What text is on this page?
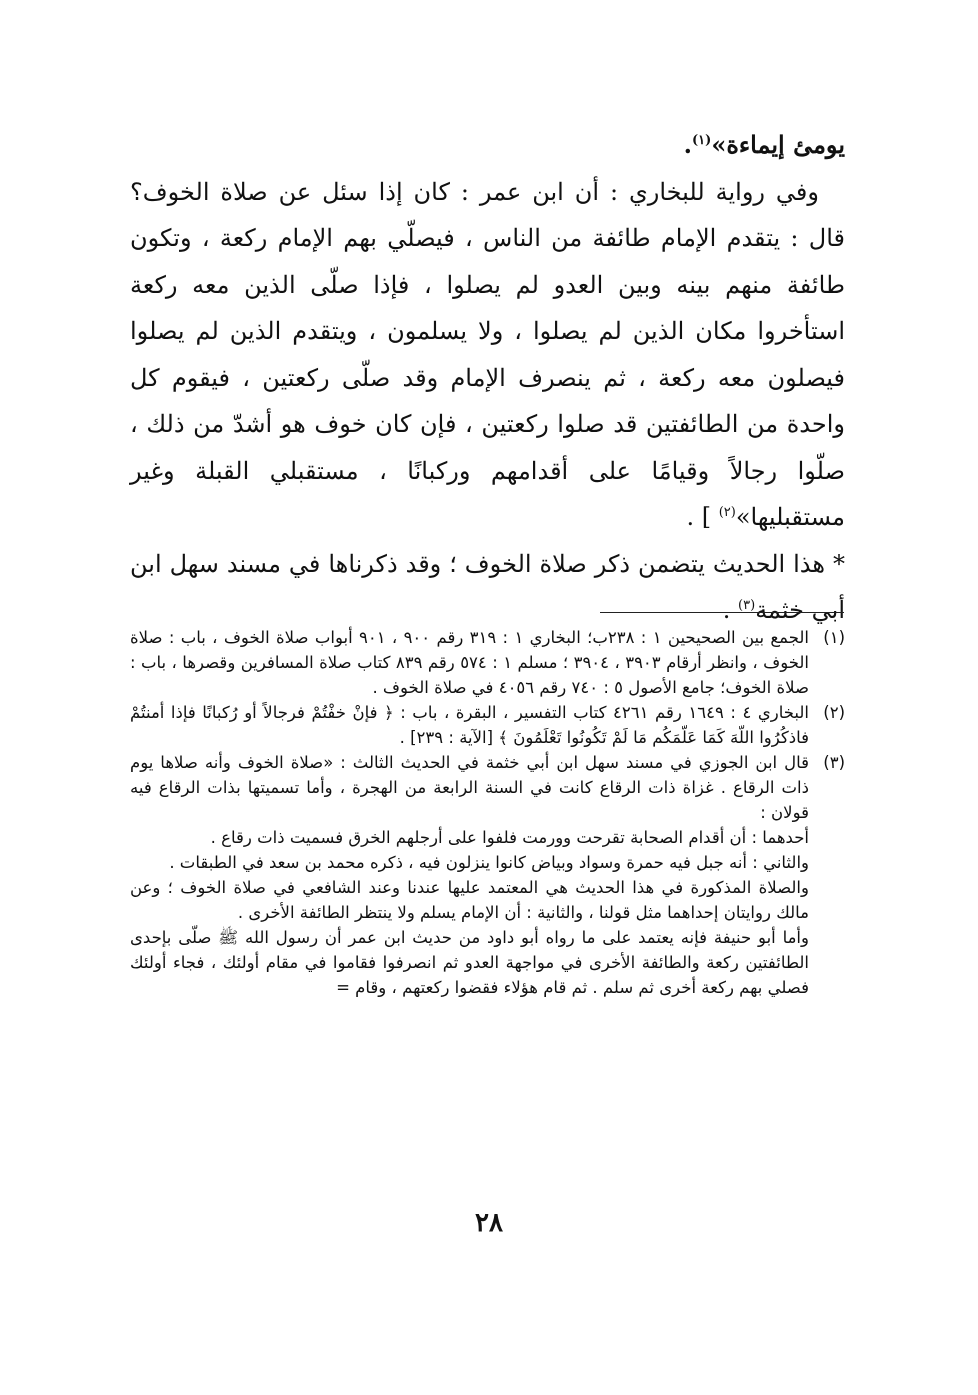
يومئ إيماءة»$^{(١)}$.

وفي رواية للبخاري : أن ابن عمر : كان إذا سئل عن صلاة الخوف؟ قال : يتقدم الإمام طائفة من الناس ، فيصلّي بهم الإمام ركعة ، وتكون طائفة منهم بينه وبين العدو لم يصلوا ، فإذا صلّى الذين معه ركعة استأخروا مكان الذين لم يصلوا ، ولا يسلمون ، ويتقدم الذين لم يصلوا فيصلون معه ركعة ، ثم ينصرف الإمام وقد صلّى ركعتين ، فيقوم كل واحدة من الطائفتين قد صلوا ركعتين ، فإن كان خوف هو أشدّ من ذلك ، صلّوا رجالاً وقيامًا على أقدامهم وركبانًا ، مستقبلي القبلة وغير مستقبليها»$^{(٢)}$ ] .

* هذا الحديث يتضمن ذكر صلاة الخوف ؛ وقد ذكرناها في مسند سهل ابن أبي خثمة$^{(٣)}$ .

(١)

الجمع بين الصحيحين ١ : ٢٣٨ب؛ البخاري ١ : ٣١٩ رقم ٩٠٠ ، ٩٠١ أبواب صلاة الخوف ، باب : صلاة الخوف ، وانظر أرقام ٣٩٠٣ ، ٣٩٠٤ ؛ مسلم ١ : ٥٧٤ رقم ٨٣٩ كتاب صلاة المسافرين وقصرها ، باب : صلاة الخوف؛ جامع الأصول ٥ : ٧٤٠ رقم ٤٠٥٦ في صلاة الخوف .

(٢)

البخاري ٤ : ١٦٤٩ رقم ٤٢٦١ كتاب التفسير ، البقرة ، باب : ﴿ فإنْ خفْتُمْ فرجالاً أو رُكبانًا فإذا أمنتُمْ فاذكُرُوا اللّهَ كَمَا عَلّمَكُم مَا لَمْ تَكُونُوا تَعْلَمُونَ ﴾ [الآية : ٢٣٩] .

(٣)

قال ابن الجوزي في مسند سهل ابن أبي خثمة في الحديث الثالث : «صلاة الخوف وأنه صلاها يوم ذات الرقاع . غزاة ذات الرقاع كانت في السنة الرابعة من الهجرة ، وأما تسميتها بذات الرقاع فيه قولان :

أحدهما : أن أقدام الصحابة تقرحت وورمت فلفوا على أرجلهم الخرق فسميت ذات رقاع .

والثاني : أنه جبل فيه حمرة وسواد وبياض كانوا ينزلون فيه ، ذكره محمد بن سعد في الطبقات .

والصلاة المذكورة في هذا الحديث هي المعتمد عليها عندنا وعند الشافعي في صلاة الخوف ؛ وعن مالك روايتان إحداهما مثل قولنا ، والثانية : أن الإمام يسلم ولا ينتظر الطائفة الأخرى .

وأما أبو حنيفة فإنه يعتمد على ما رواه أبو داود من حديث ابن عمر أن رسول الله ﷺ صلّى بإحدى الطائفتين ركعة والطائفة الأخرى في مواجهة العدو ثم انصرفوا فقاموا في مقام أولئك ، فجاء أولئك فصلي بهم ركعة أخرى ثم سلم . ثم قام هؤلاء فقضوا ركعتهم ، وقام =

٢٨
